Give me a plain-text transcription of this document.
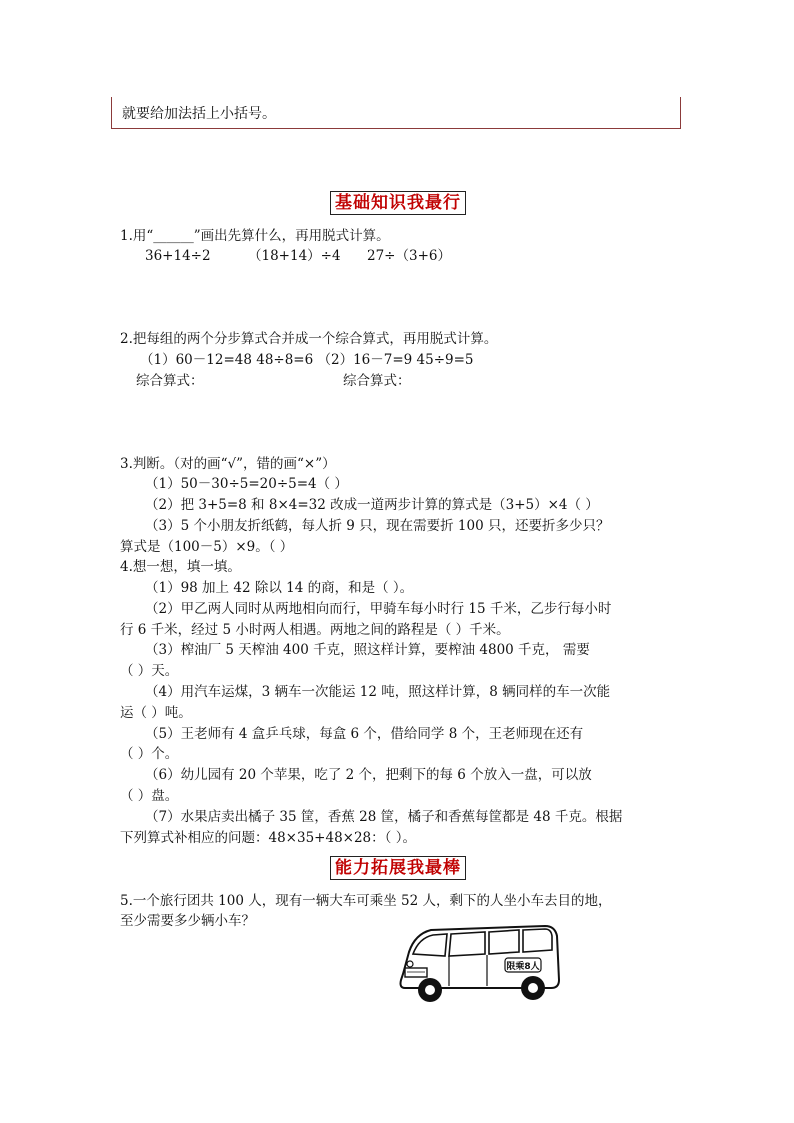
就要给加法括上小括号。
基础知识我最行
1.用“______”画出先算什么，再用脱式计算。
36+14÷2	（18+14）÷4 27÷（3+6）
2.把每组的两个分步算式合并成一个综合算式，再用脱式计算。
（1）60－12=48 48÷8=6 （2）16－7=9 45÷9=5
综合算式：	综合算式：
3.判断。（对的画“√”，错的画“×”）
（1）50－30÷5=20÷5=4（ ）
（2）把 3+5=8 和 8×4=32 改成一道两步计算的算式是（3+5）×4（ ）
（3）5 个小朋友折纸鹤，每人折 9 只，现在需要折 100 只，还要折多少只？
算式是（100－5）×9。（ ）
4.想一想，填一填。
（1）98 加上 42 除以 14 的商，和是（ ）。
（2）甲乙两人同时从两地相向而行，甲骑车每小时行 15 千米，乙步行每小时
行 6 千米，经过 5 小时两人相遇。两地之间的路程是（ ）千米。
（3）榨油厂 5 天榨油 400 千克，照这样计算，要榨油 4800 千克， 需要
（ ）天。
（4）用汽车运煤，3 辆车一次能运 12 吨，照这样计算，8 辆同样的车一次能
运（ ）吨。
（5）王老师有 4 盒乒乓球，每盒 6 个，借给同学 8 个，王老师现在还有
（ ）个。
（6）幼儿园有 20 个苹果，吃了 2 个，把剩下的每 6 个放入一盘，可以放
（ ）盘。
（7）水果店卖出橘子 35 筐，香蕉 28 筐，橘子和香蕉每筐都是 48 千克。根据
下列算式补相应的问题：48×35+48×28：（ ）。
能力拓展我最棒
5.一个旅行团共 100 人，现有一辆大车可乘坐 52 人，剩下的人坐小车去目的地，
至少需要多少辆小车？
限乘8人
